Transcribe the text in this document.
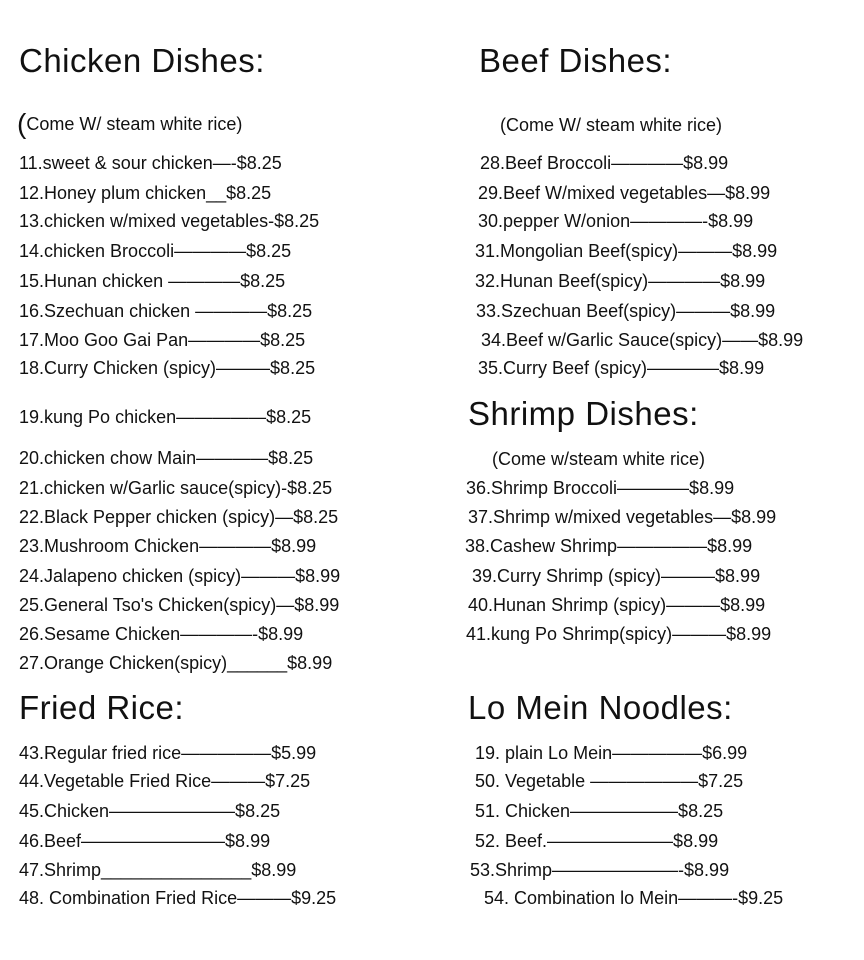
Chicken Dishes:
(Come W/ steam white rice)
11.sweet & sour chicken—-$8.25
12.Honey plum chicken__$8.25
13.chicken w/mixed vegetables-$8.25
14.chicken Broccoli————$8.25
15.Hunan chicken ————$8.25
16.Szechuan chicken ————$8.25
17.Moo Goo Gai Pan————$8.25
18.Curry Chicken (spicy)———$8.25
19.kung Po chicken—————$8.25
20.chicken chow Main————$8.25
21.chicken w/Garlic sauce(spicy)-$8.25
22.Black Pepper chicken (spicy)—$8.25
23.Mushroom Chicken————$8.99
24.Jalapeno chicken (spicy)———$8.99
25.General Tso's Chicken(spicy)—$8.99
26.Sesame Chicken————-$8.99
27.Orange Chicken(spicy)______$8.99
Beef Dishes:
(Come W/ steam white rice)
28.Beef Broccoli————$8.99
29.Beef W/mixed vegetables—$8.99
30.pepper W/onion————-$8.99
31.Mongolian Beef(spicy)———$8.99
32.Hunan Beef(spicy)————$8.99
33.Szechuan Beef(spicy)———$8.99
34.Beef w/Garlic Sauce(spicy)——$8.99
35.Curry Beef (spicy)————$8.99
Shrimp Dishes:
(Come w/steam white rice)
36.Shrimp Broccoli————$8.99
37.Shrimp w/mixed vegetables—$8.99
38.Cashew Shrimp—————$8.99
39.Curry Shrimp (spicy)———$8.99
40.Hunan Shrimp (spicy)———$8.99
41.kung Po Shrimp(spicy)———$8.99
Fried Rice:
43.Regular fried rice—————$5.99
44.Vegetable Fried Rice———$7.25
45.Chicken———————$8.25
46.Beef————————$8.99
47.Shrimp_______________$8.99
48. Combination Fried Rice———$9.25
Lo Mein Noodles:
19. plain Lo Mein—————$6.99
50. Vegetable ——————$7.25
51. Chicken——————$8.25
52. Beef.———————$8.99
53.Shrimp———————-$8.99
54. Combination lo Mein———-$9.25
